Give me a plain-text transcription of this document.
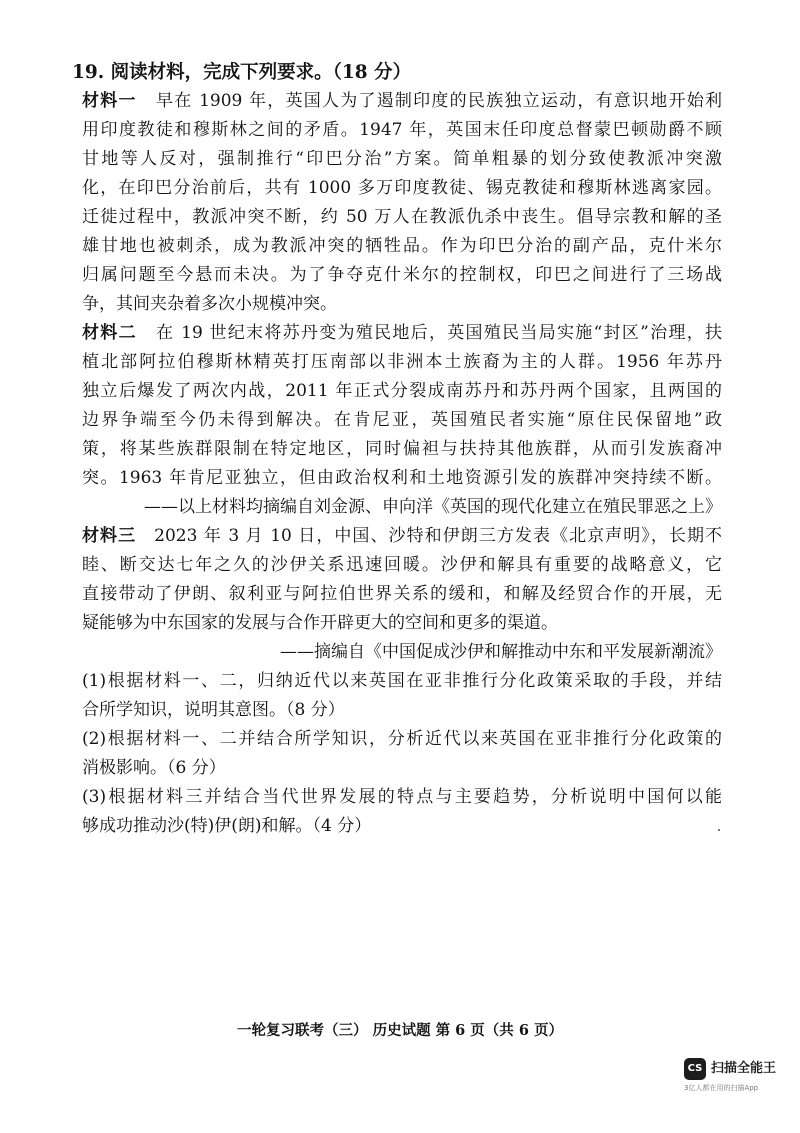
19. 阅读材料，完成下列要求。（18 分）
材料一 早在 1909 年，英国人为了遏制印度的民族独立运动，有意识地开始利
用印度教徒和穆斯林之间的矛盾。1947 年，英国末任印度总督蒙巴顿勋爵不顾
甘地等人反对，强制推行“印巴分治”方案。简单粗暴的划分致使教派冲突激
化，在印巴分治前后，共有 1000 多万印度教徒、锡克教徒和穆斯林逃离家园。
迁徙过程中，教派冲突不断，约 50 万人在教派仇杀中丧生。倡导宗教和解的圣
雄甘地也被刺杀，成为教派冲突的牺牲品。作为印巴分治的副产品，克什米尔
归属问题至今悬而未决。为了争夺克什米尔的控制权，印巴之间进行了三场战
争，其间夹杂着多次小规模冲突。
材料二 在 19 世纪末将苏丹变为殖民地后，英国殖民当局实施“封区”治理，扶
植北部阿拉伯穆斯林精英打压南部以非洲本土族裔为主的人群。1956 年苏丹
独立后爆发了两次内战，2011 年正式分裂成南苏丹和苏丹两个国家，且两国的
边界争端至今仍未得到解决。在肯尼亚，英国殖民者实施“原住民保留地”政
策，将某些族群限制在特定地区，同时偏袒与扶持其他族群，从而引发族裔冲
突。1963 年肯尼亚独立，但由政治权利和土地资源引发的族群冲突持续不断。
——以上材料均摘编自刘金源、申向洋《英国的现代化建立在殖民罪恶之上》
材料三 2023 年 3 月 10 日，中国、沙特和伊朗三方发表《北京声明》，长期不
睦、断交达七年之久的沙伊关系迅速回暖。沙伊和解具有重要的战略意义，它
直接带动了伊朗、叙利亚与阿拉伯世界关系的缓和，和解及经贸合作的开展，无
疑能够为中东国家的发展与合作开辟更大的空间和更多的渠道。
——摘编自《中国促成沙伊和解推动中东和平发展新潮流》
(1)根据材料一、二，归纳近代以来英国在亚非推行分化政策采取的手段，并结
合所学知识，说明其意图。（8 分）
(2)根据材料一、二并结合所学知识，分析近代以来英国在亚非推行分化政策的
消极影响。（6 分）
(3)根据材料三并结合当代世界发展的特点与主要趋势，分析说明中国何以能
够成功推动沙(特)伊(朗)和解。（4 分）
一轮复习联考（三） 历史试题 第 6 页（共 6 页）
CS 扫描全能王
3亿人都在用的扫描App
